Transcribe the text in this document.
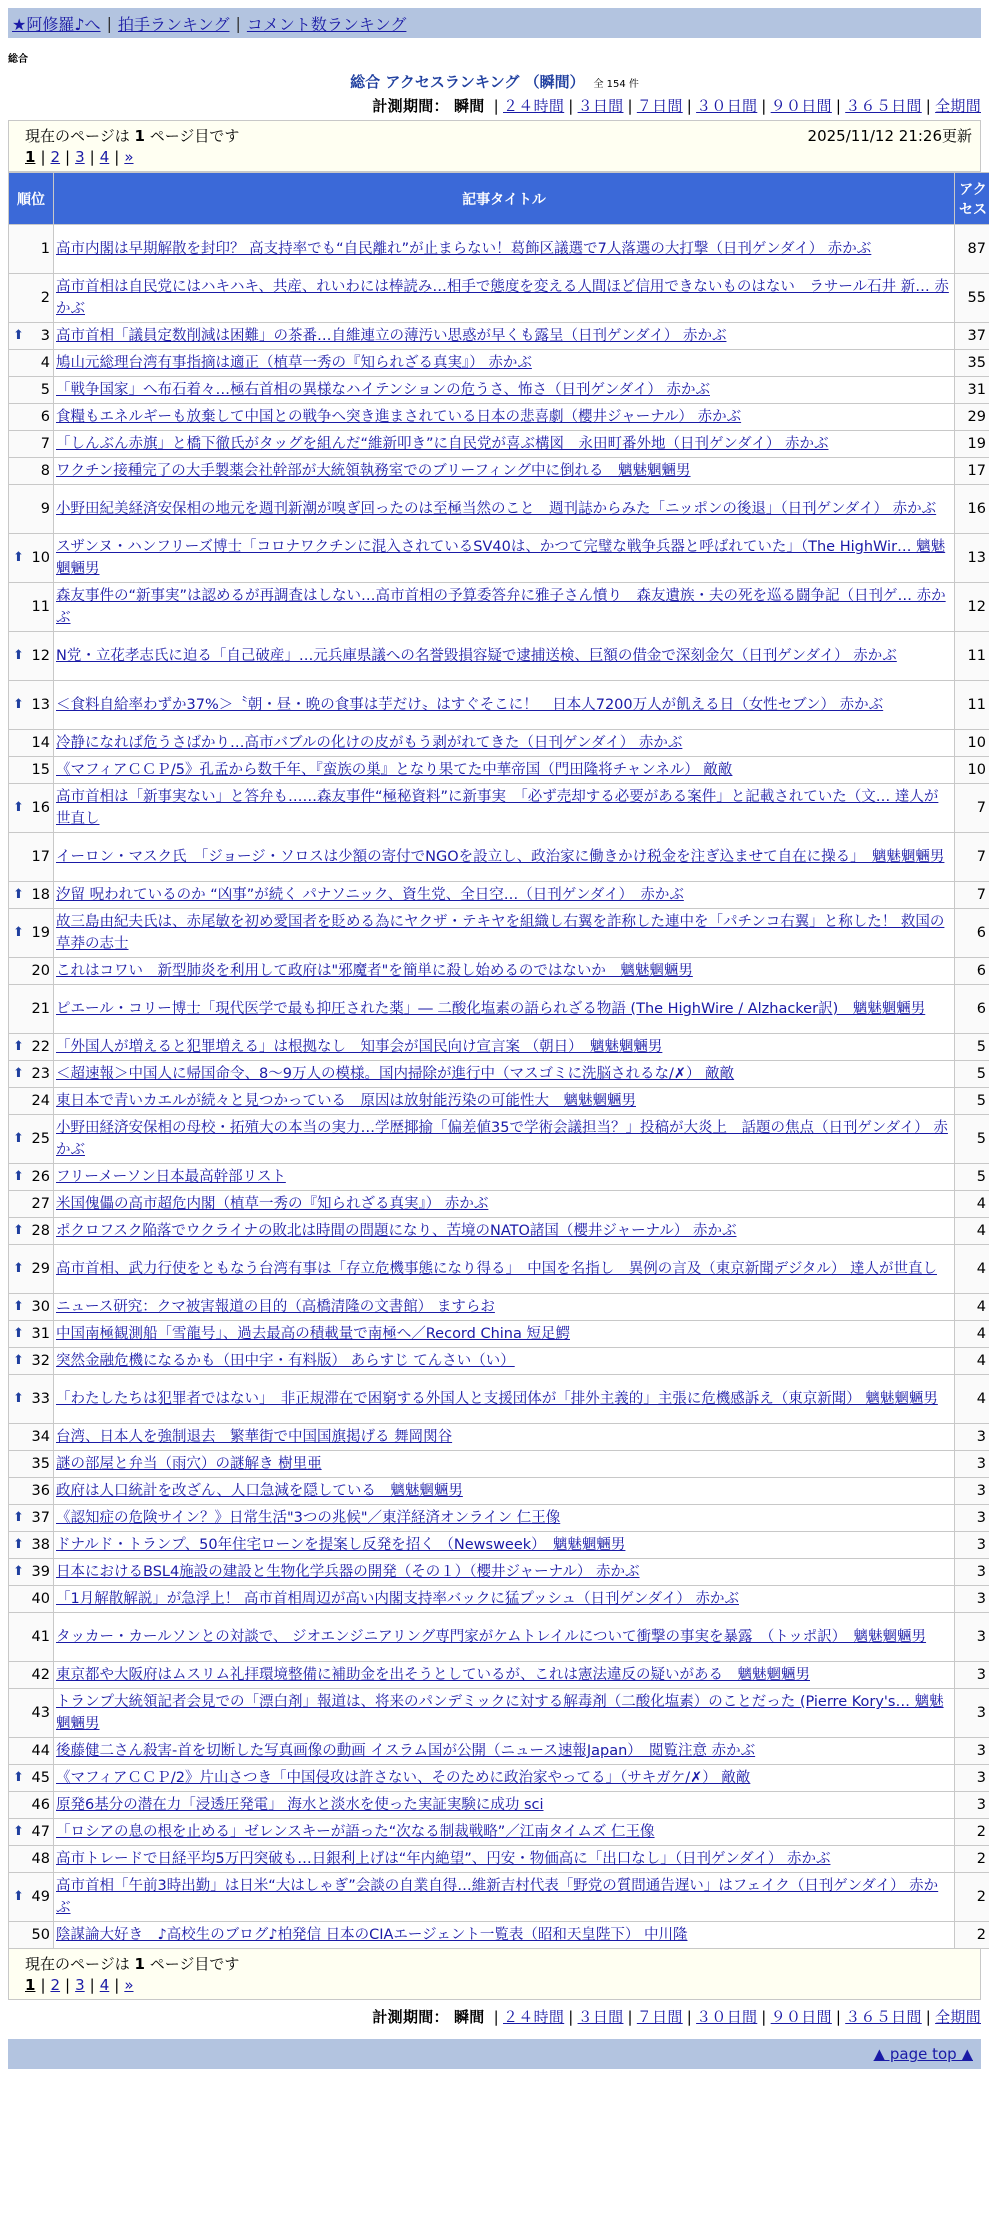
★阿修羅♪へ | 拍手ランキング | コメント数ランキング
総合
総合 アクセスランキング （瞬間） 全 154 件
計測期間： 瞬間 | ２４時間 | ３日間 | ７日間 | ３０日間 | ９０日間 | ３６５日間 | 全期間
現在のページは 1 ページ目です	2025/11/12 21:26更新
1 | 2 | 3 | 4 | »
順位	記事タイトル	アクセス
1	高市内閣は早期解散を封印？ 高支持率でも“自民離れ”が止まらない！葛飾区議選で7人落選の大打撃（日刊ゲンダイ） 赤かぶ	87
2	高市首相は自民党にはハキハキ、共産、れいわには棒読み…相手で態度を変える人間ほど信用できないものはない　ラサール石井 新… 赤かぶ	55

⬆ 3	高市首相「議員定数削減は困難」の茶番…自維連立の薄汚い思惑が早くも露呈（日刊ゲンダイ） 赤かぶ	37
4	鳩山元総理台湾有事指摘は適正（植草一秀の『知られざる真実』） 赤かぶ	35
5	「戦争国家」へ布石着々…極右首相の異様なハイテンションの危うさ、怖さ（日刊ゲンダイ） 赤かぶ	31
6	食糧もエネルギーも放棄して中国との戦争へ突き進まされている日本の悲喜劇（櫻井ジャーナル） 赤かぶ	29
7	「しんぶん赤旗」と橋下徹氏がタッグを組んだ“維新叩き”に自民党が喜ぶ構図　永田町番外地（日刊ゲンダイ） 赤かぶ	19
8	ワクチン接種完了の大手製薬会社幹部が大統領執務室でのブリーフィング中に倒れる　魑魅魍魎男	17
9	小野田紀美経済安保相の地元を週刊新潮が嗅ぎ回ったのは至極当然のこと　週刊誌からみた「ニッポンの後退」（日刊ゲンダイ） 赤かぶ	16

⬆ 10	スザンヌ・ハンフリーズ博士「コロナワクチンに混入されているSV40は、かつて完璧な戦争兵器と呼ばれていた」（The HighWir… 魑魅魍魎男	13
11	森友事件の“新事実”は認めるが再調査はしない…高市首相の予算委答弁に雅子さん憤り　森友遺族・夫の死を巡る闘争記（日刊ゲ… 赤かぶ	12

⬆ 12	N党・立花孝志氏に迫る「自己破産」…元兵庫県議への名誉毀損容疑で逮捕送検、巨額の借金で深刻金欠（日刊ゲンダイ） 赤かぶ	11

⬆ 13	＜食料自給率わずか37%＞〝朝・昼・晩の食事は芋だけ〟はすぐそこに！　日本人7200万人が飢える日（女性セブン） 赤かぶ	11
14	冷静になれば危うさばかり…高市バブルの化けの皮がもう剥がれてきた（日刊ゲンダイ） 赤かぶ	10
15	《マフィアＣＣＰ/5》孔孟から数千年、『蛮族の巣』となり果てた中華帝国（門田隆将チャンネル） 敵敵	10

⬆ 16	高市首相は「新事実ない」と答弁も……森友事件“極秘資料”に新事実　「必ず売却する必要がある案件」と記載されていた（文… 達人が世直し	7
17	イーロン・マスク氏　「ジョージ・ソロスは少額の寄付でNGOを設立し、政治家に働きかけ税金を注ぎ込ませて自在に操る」　魑魅魍魎男	7

⬆ 18	汐留 呪われているのか “凶事”が続く パナソニック、資生党、全日空…（日刊ゲンダイ）　赤かぶ	7

⬆ 19	故三島由紀夫氏は、赤尾敏を初め愛国者を貶める為にヤクザ・テキヤを組織し右翼を詐称した連中を「パチンコ右翼」と称した！ 救国の草莽の志士	6
20	これはコワい　新型肺炎を利用して政府は"邪魔者"を簡単に殺し始めるのではないか　魑魅魍魎男	6
21	ピエール・コリー博士「現代医学で最も抑圧された薬」― 二酸化塩素の語られざる物語 (The HighWire / Alzhacker訳)　魑魅魍魎男	6

⬆ 22	「外国人が増えると犯罪増える」は根拠なし　知事会が国民向け宣言案 （朝日）　魑魅魍魎男	5

⬆ 23	＜超速報＞中国人に帰国命令、8～9万人の模様。国内掃除が進行中（マスゴミに洗脳されるな/✗） 敵敵	5
24	東日本で青いカエルが続々と見つかっている　原因は放射能汚染の可能性大　魑魅魍魎男	5

⬆ 25	小野田経済安保相の母校・拓殖大の本当の実力…学歴揶揄「偏差値35で学術会議担当？」投稿が大炎上　話題の焦点（日刊ゲンダイ） 赤かぶ	5

⬆ 26	フリーメーソン日本最高幹部リスト	5
27	米国傀儡の高市超危内閣（植草一秀の『知られざる真実』） 赤かぶ	4

⬆ 28	ポクロフスク陥落でウクライナの敗北は時間の問題になり、苦境のNATO諸国（櫻井ジャーナル） 赤かぶ	4

⬆ 29	高市首相、武力行使をともなう台湾有事は「存立危機事態になり得る」　中国を名指し　異例の言及（東京新聞デジタル） 達人が世直し	4

⬆ 30	ニュース研究：クマ被害報道の目的（高橋清隆の文書館） ますらお	4

⬆ 31	中国南極観測船「雪龍号」、過去最高の積載量で南極へ／Record China 短足鰐	4

⬆ 32	突然金融危機になるかも（田中宇・有料版） あらすじ てんさい（い）	4

⬆ 33	「わたしたちは犯罪者ではない」　非正規滞在で困窮する外国人と支援団体が「排外主義的」主張に危機感訴え（東京新聞） 魑魅魍魎男	4
34	台湾、日本人を強制退去　繁華街で中国国旗掲げる 舞岡関谷	3
35	謎の部屋と弁当（雨穴）の謎解き 樹里亜	3
36	政府は人口統計を改ざん、人口急減を隠している　魑魅魍魎男	3

⬆ 37	《認知症の危険サイン？》日常生活"3つの兆候"／東洋経済オンライン 仁王像	3

⬆ 38	ドナルド・トランプ、50年住宅ローンを提案し反発を招く （Newsweek）　魑魅魍魎男	3

⬆ 39	日本におけるBSL4施設の建設と生物化学兵器の開発（その１）（櫻井ジャーナル） 赤かぶ	3
40	「1月解散解説」が急浮上！ 高市首相周辺が高い内閣支持率バックに猛プッシュ（日刊ゲンダイ） 赤かぶ	3
41	タッカー・カールソンとの対談で、 ジオエンジニアリング専門家がケムトレイルについて衝撃の事実を暴露　（トッポ訳）　魑魅魍魎男	3
42	東京都や大阪府はムスリム礼拝環境整備に補助金を出そうとしているが、これは憲法違反の疑いがある　魑魅魍魎男	3
43	トランプ大統領記者会見での「漂白剤」報道は、将来のパンデミックに対する解毒剤（二酸化塩素）のことだった (Pierre Kory's… 魑魅魍魎男	3
44	後藤健二さん殺害-首を切断した写真画像の動画 イスラム国が公開（ニュース速報Japan）　閲覧注意 赤かぶ	3

⬆ 45	《マフィアＣＣＰ/2》片山さつき「中国侵攻は許さない、そのために政治家やってる」（サキガケ/✗） 敵敵	3
46	原発6基分の潜在力「浸透圧発電」 海水と淡水を使った実証実験に成功 sci	3

⬆ 47	「ロシアの息の根を止める」ゼレンスキーが語った“次なる制裁戦略”／江南タイムズ 仁王像	2
48	高市トレードで日経平均5万円突破も…日銀利上げは“年内絶望”、円安・物価高に「出口なし」（日刊ゲンダイ） 赤かぶ	2

⬆ 49	高市首相「午前3時出勤」は日米“大はしゃぎ”会談の自業自得…維新吉村代表「野党の質問通告遅い」はフェイク（日刊ゲンダイ） 赤かぶ	2
50	陰謀論大好き　♪高校生のブログ♪柏発信 日本のCIAエージェント一覧表（昭和天皇陛下） 中川隆	2
現在のページは 1 ページ目です
1 | 2 | 3 | 4 | »
計測期間： 瞬間 | ２４時間 | ３日間 | ７日間 | ３０日間 | ９０日間 | ３６５日間 | 全期間
▲ page top ▲
